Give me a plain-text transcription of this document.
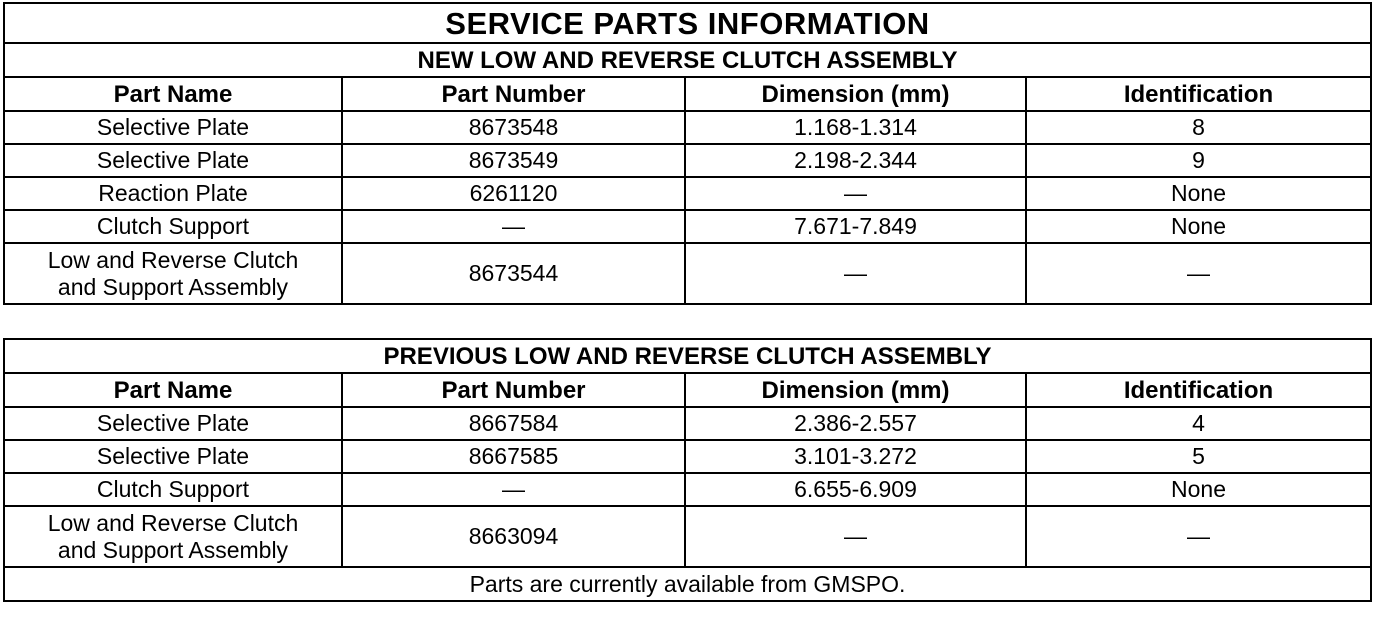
SERVICE PARTS INFORMATION			
NEW LOW AND REVERSE CLUTCH ASSEMBLY			
Part Name	Part Number	Dimension (mm)	Identification
Selective Plate	8673548	1.168-1.314	8
Selective Plate	8673549	2.198-2.344	9
Reaction Plate	6261120	—	None
Clutch Support	—	7.671-7.849	None
Low and Reverse Clutch
and Support Assembly	8673544	—	—
PREVIOUS LOW AND REVERSE CLUTCH ASSEMBLY			
Part Name	Part Number	Dimension (mm)	Identification
Selective Plate	8667584	2.386-2.557	4
Selective Plate	8667585	3.101-3.272	5
Clutch Support	—	6.655-6.909	None
Low and Reverse Clutch
and Support Assembly	8663094	—	—
Parts are currently available from GMSPO.			
